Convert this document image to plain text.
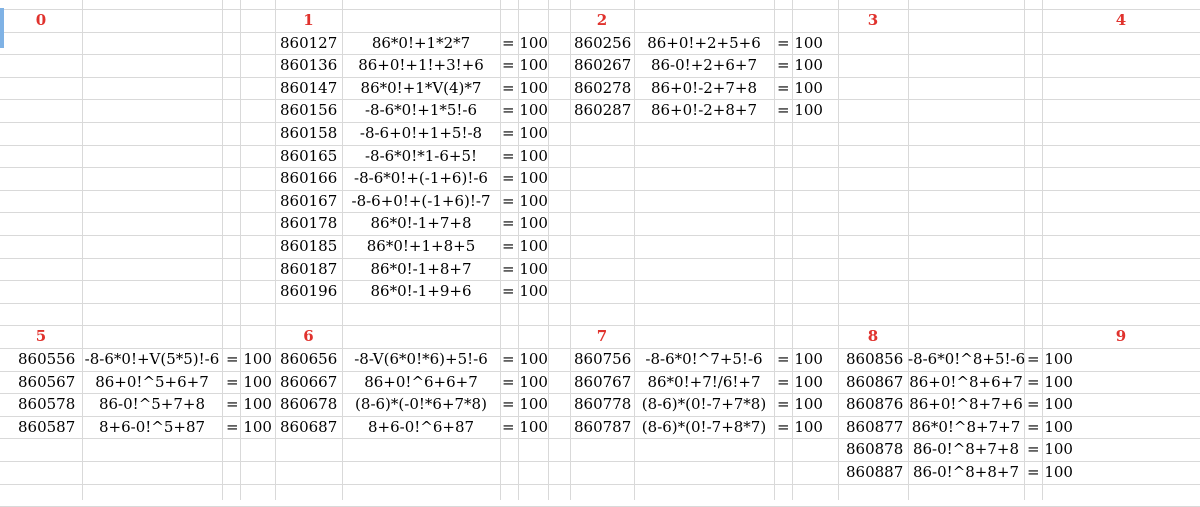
0	1	2	3	4
5	6	7	8	9
860127	86*0!+1*2*7	= 100
860136	86+0!+1!+3!+6	= 100
860147	86*0!+1*V(4)*7	= 100
860156	-8-6*0!+1*5!-6	= 100
860158	-8-6+0!+1+5!-8	= 100
860165	-8-6*0!*1-6+5!	= 100
860166	-8-6*0!+(-1+6)!-6 = 100
860167 -8-6+0!+(-1+6)!-7 = 100
860178	86*0!-1+7+8	= 100
860185	86*0!+1+8+5	= 100
860187	86*0!-1+8+7	= 100
860196	86*0!-1+9+6	= 100
860256	86+0!+2+5+6	= 100
860267	86-0!+2+6+7	= 100
860278	86+0!-2+7+8	= 100
860287	86+0!-2+8+7	= 100
860556 -8-6*0!+V(5*5)!-6 = 100
860567	86+0!^5+6+7	= 100
860578	86-0!^5+7+8	= 100
860587	8+6-0!^5+87	= 100
860656	-8-V(6*0!*6)+5!-6 = 100
860667	86+0!^6+6+7	= 100
860678	(8-6)*(-0!*6+7*8)	= 100
860687	8+6-0!^6+87	= 100
860756 -8-6*0!^7+5!-6 = 100
860767	86*0!+7!/6!+7	= 100
860778 (8-6)*(0!-7+7*8) = 100
860787 (8-6)*(0!-7+8*7) = 100
860856 -8-6*0!^8+5!-6 = 100
860867 86+0!^8+6+7 = 100
860876 86+0!^8+7+6 = 100
860877 86*0!^8+7+7 = 100
860878 86-0!^8+7+8 = 100
860887 86-0!^8+8+7 = 100
